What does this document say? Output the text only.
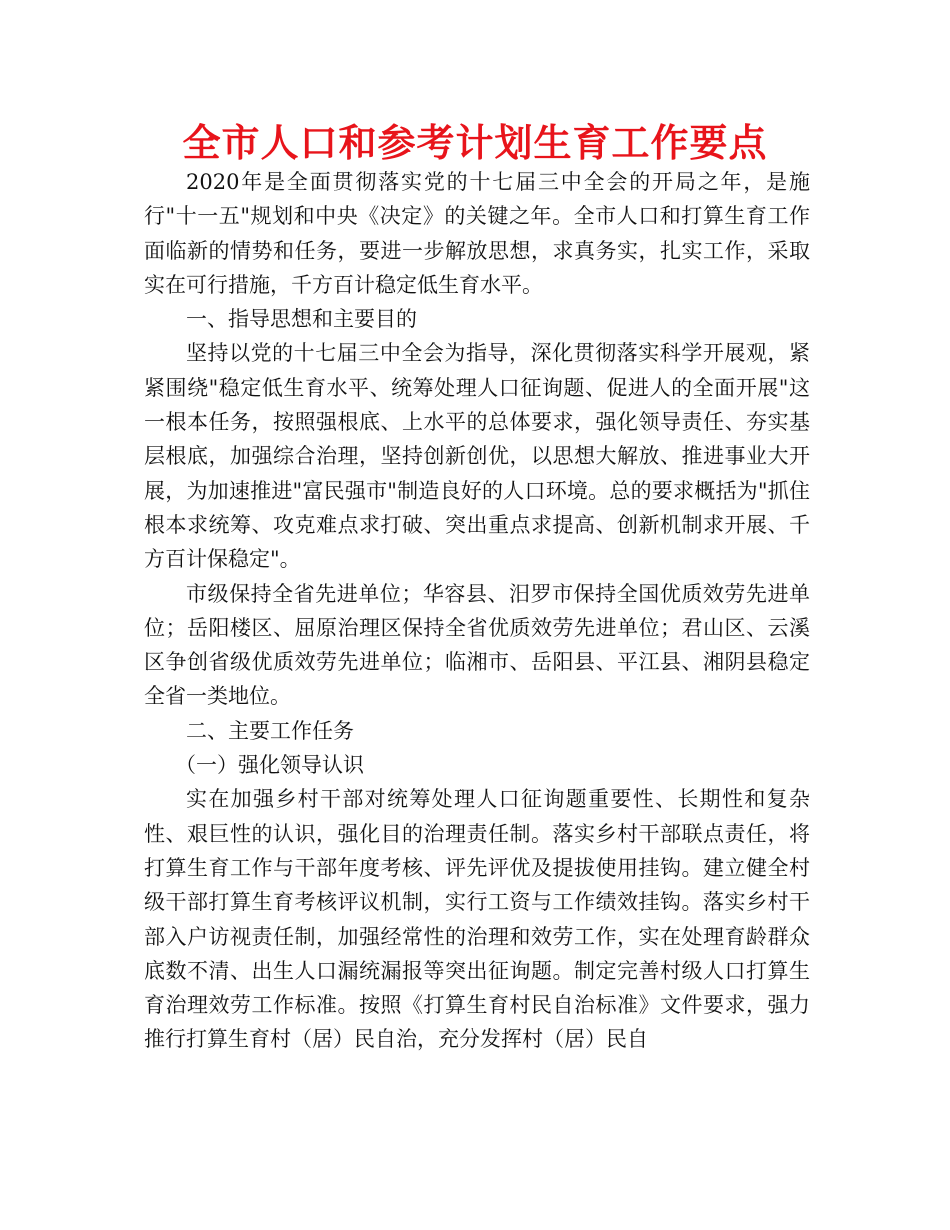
全市人口和参考计划生育工作要点

2020年是全面贯彻落实党的十七届三中全会的开局之年，是施行"十一五"规划和中央《决定》的关键之年。全市人口和打算生育工作面临新的情势和任务，要进一步解放思想，求真务实，扎实工作，采取实在可行措施，千方百计稳定低生育水平。

一、指导思想和主要目的

坚持以党的十七届三中全会为指导，深化贯彻落实科学开展观，紧紧围绕"稳定低生育水平、统筹处理人口征询题、促进人的全面开展"这一根本任务，按照强根底、上水平的总体要求，强化领导责任、夯实基层根底，加强综合治理，坚持创新创优，以思想大解放、推进事业大开展，为加速推进"富民强市"制造良好的人口环境。总的要求概括为"抓住根本求统筹、攻克难点求打破、突出重点求提高、创新机制求开展、千方百计保稳定"。

市级保持全省先进单位；华容县、汨罗市保持全国优质效劳先进单位；岳阳楼区、屈原治理区保持全省优质效劳先进单位；君山区、云溪区争创省级优质效劳先进单位；临湘市、岳阳县、平江县、湘阴县稳定全省一类地位。

二、主要工作任务

（一）强化领导认识

实在加强乡村干部对统筹处理人口征询题重要性、长期性和复杂性、艰巨性的认识，强化目的治理责任制。落实乡村干部联点责任，将打算生育工作与干部年度考核、评先评优及提拔使用挂钩。建立健全村级干部打算生育考核评议机制，实行工资与工作绩效挂钩。落实乡村干部入户访视责任制，加强经常性的治理和效劳工作，实在处理育龄群众底数不清、出生人口漏统漏报等突出征询题。制定完善村级人口打算生育治理效劳工作标准。按照《打算生育村民自治标准》文件要求，强力推行打算生育村（居）民自治，充分发挥村（居）民自
